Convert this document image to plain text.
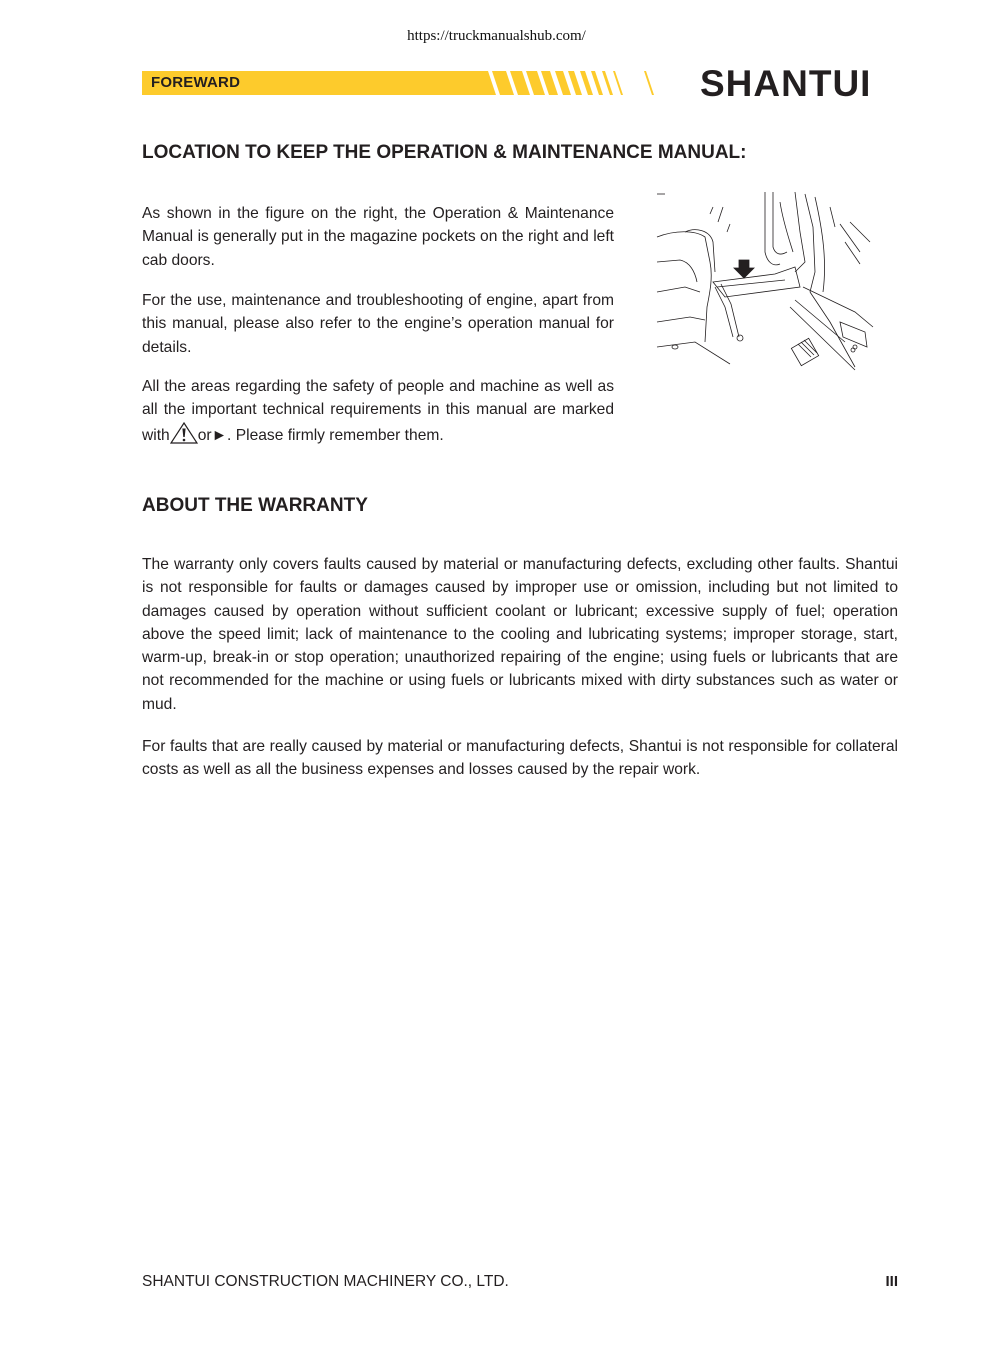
https://truckmanualshub.com/
FOREWARD	SHANTUI
LOCATION TO KEEP THE OPERATION & MAINTENANCE MANUAL:

As shown in the figure on the right, the Operation & Maintenance Manual is generally put in the magazine pockets on the right and left cab doors.

For the use, maintenance and troubleshooting of engine, apart from this manual, please also refer to the engine’s operation manual for details.

All the areas regarding the safety of people and machine as well as all the important technical requirements in this manual are marked with or►. Please firmly remember them.

ABOUT THE WARRANTY

The warranty only covers faults caused by material or manufacturing defects, excluding other faults. Shantui is not responsible for faults or damages caused by improper use or omission, including but not limited to damages caused by operation without sufficient coolant or lubricant; excessive supply of fuel; operation above the speed limit; lack of maintenance to the cooling and lubricating systems; improper storage, start, warm-up, break-in or stop operation; unauthorized repairing of the engine; using fuels or lubricants that are not recommended for the machine or using fuels or lubricants mixed with dirty substances such as water or mud.

For faults that are really caused by material or manufacturing defects, Shantui is not responsible for collateral costs as well as all the business expenses and losses caused by the repair work.

SHANTUI CONSTRUCTION MACHINERY CO., LTD.	III
